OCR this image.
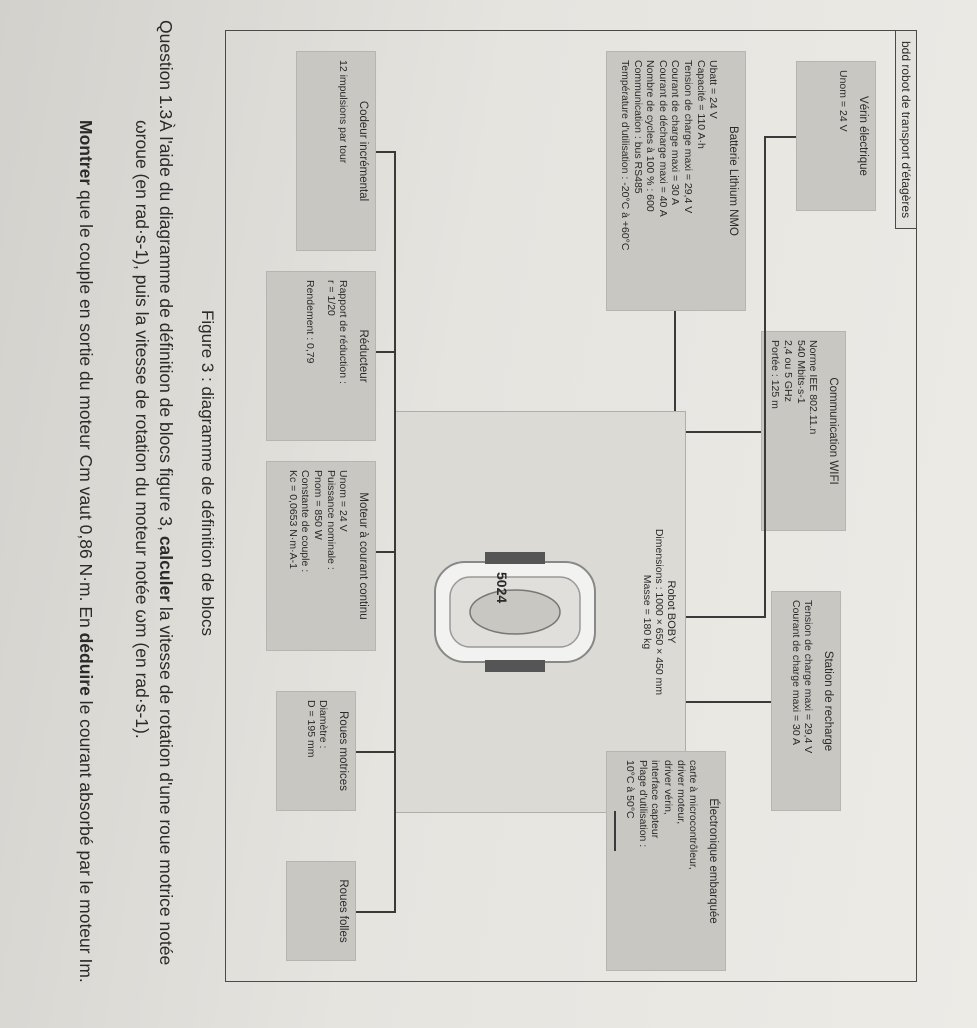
bdd robot de transport d'étagères
Vérin électrique
Unom = 24 V
Communication WIFI
Norme IEE 802.11.n
540 Mbits·s-1
2,4 ou 5 GHz
Portée : 125 m
Station de recharge
Tension de charge maxi = 29,4 V
Courant de charge maxi = 30 A
Batterie Lithium NMO
Ubatt = 24 V
Capacité = 110 A·h
Tension de charge maxi = 29,4 V
Courant de charge maxi = 30 A
Courant de décharge maxi = 40 A
Nombre de cycles à 100 % : 600
Communication : bus RS485
Température d'utilisation : -20°C à +60°C
Robot BOBY
Dimensions : 1000 × 650 × 450 mm
Masse = 180 kg
5024
Électronique embarquée
carte à microcontrôleur,
driver moteur,
driver vérin,
interface capteur
Plage d'utilisation :
10°C à 50°C
Codeur incrémental
12 impulsions par tour
Réducteur
Rapport de réduction :
r = 1/20
Rendement : 0,79
Moteur à courant continu
Unom = 24 V
Puissance nominale :
Pnom = 850 W
Constante de couple :
Kc = 0,0653 N·m·A-1
Roues motrices
Diamètre :
D = 195 mm
Roues folles
Figure 3 : diagramme de définition de blocs
Question 1.3
À l'aide du diagramme de définition de blocs figure 3, calculer la vitesse de rotation d'une roue motrice notée ωroue (en rad·s-1), puis la vitesse de rotation du moteur notée ωm (en rad·s-1).
Montrer que le couple en sortie du moteur Cm vaut 0,86 N·m. En déduire le courant absorbé par le moteur Im.
